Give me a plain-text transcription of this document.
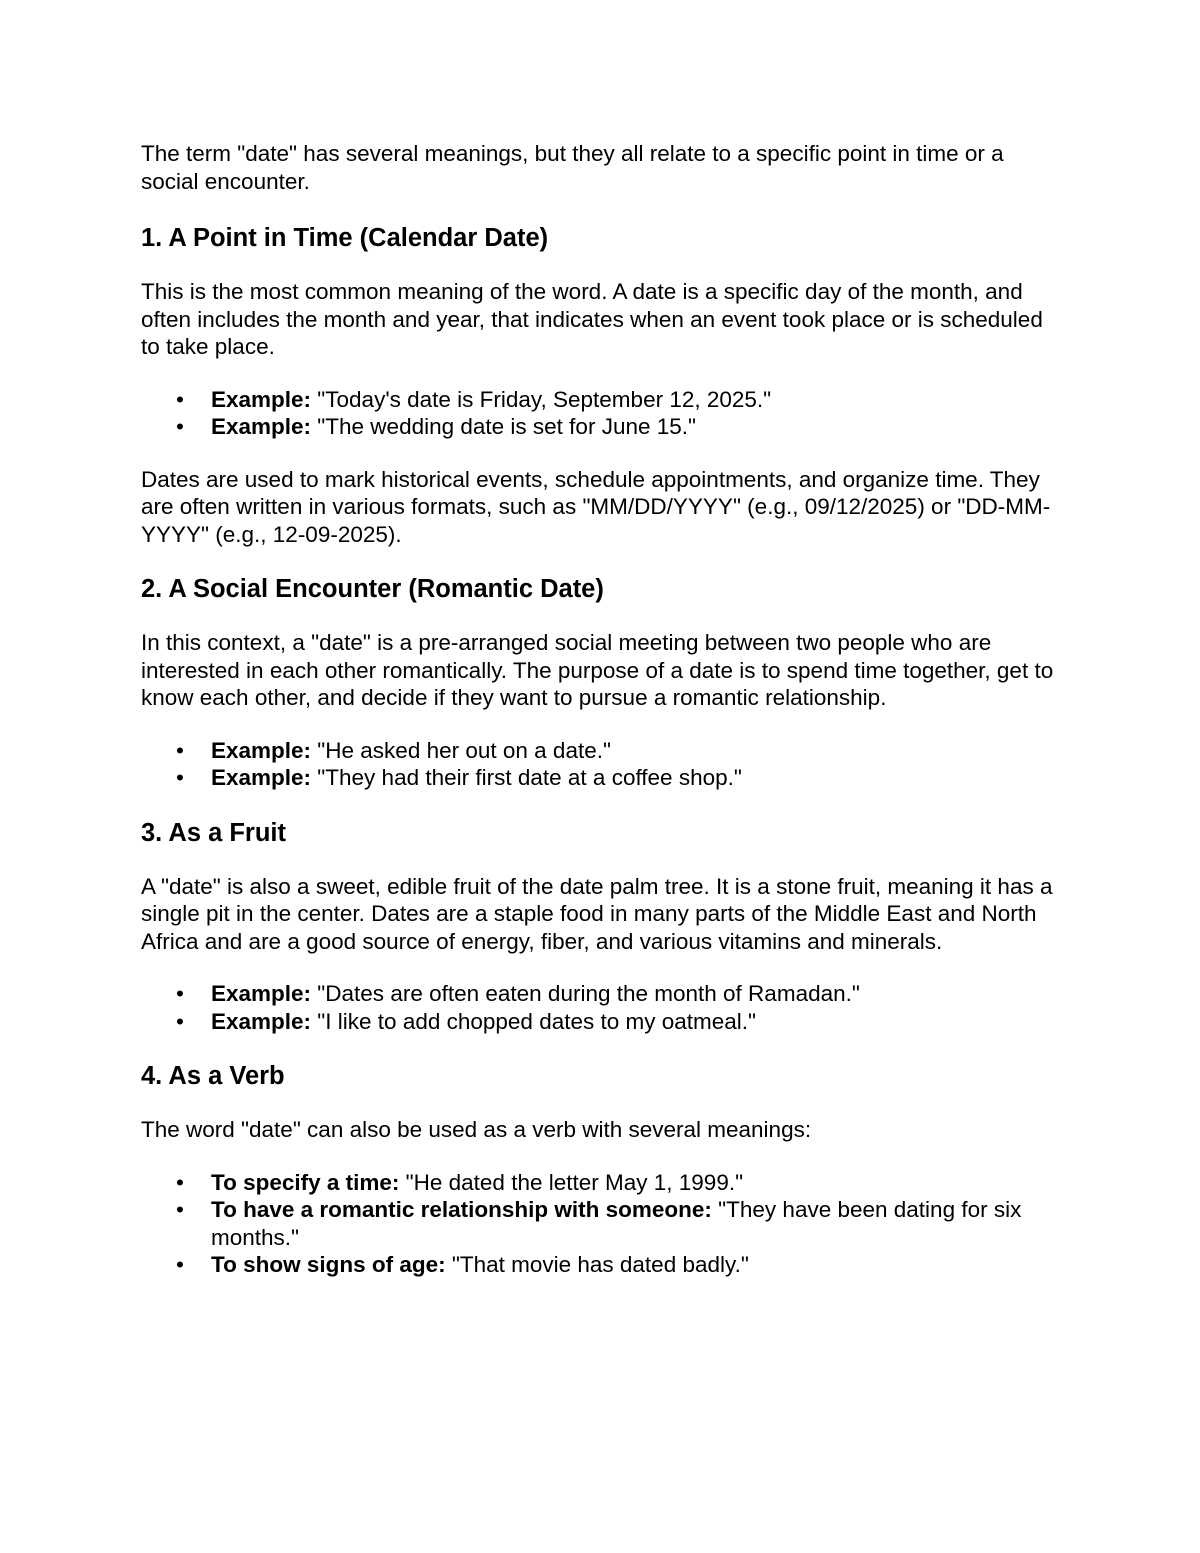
The term "date" has several meanings, but they all relate to a specific point in time or a social encounter.

1. A Point in Time (Calendar Date)

This is the most common meaning of the word. A date is a specific day of the month, and often includes the month and year, that indicates when an event took place or is scheduled to take place.

• Example: "Today's date is Friday, September 12, 2025."
• Example: "The wedding date is set for June 15."

Dates are used to mark historical events, schedule appointments, and organize time. They are often written in various formats, such as "MM/DD/YYYY" (e.g., 09/12/2025) or "DD-MM-YYYY" (e.g., 12-09-2025).

2. A Social Encounter (Romantic Date)

In this context, a "date" is a pre-arranged social meeting between two people who are interested in each other romantically. The purpose of a date is to spend time together, get to know each other, and decide if they want to pursue a romantic relationship.

• Example: "He asked her out on a date."
• Example: "They had their first date at a coffee shop."
3. As a Fruit

A "date" is also a sweet, edible fruit of the date palm tree. It is a stone fruit, meaning it has a single pit in the center. Dates are a staple food in many parts of the Middle East and North Africa and are a good source of energy, fiber, and various vitamins and minerals.

• Example: "Dates are often eaten during the month of Ramadan."
• Example: "I like to add chopped dates to my oatmeal."
4. As a Verb

The word "date" can also be used as a verb with several meanings:

• To specify a time: "He dated the letter May 1, 1999."
• To have a romantic relationship with someone: "They have been dating for six months."
• To show signs of age: "That movie has dated badly."
